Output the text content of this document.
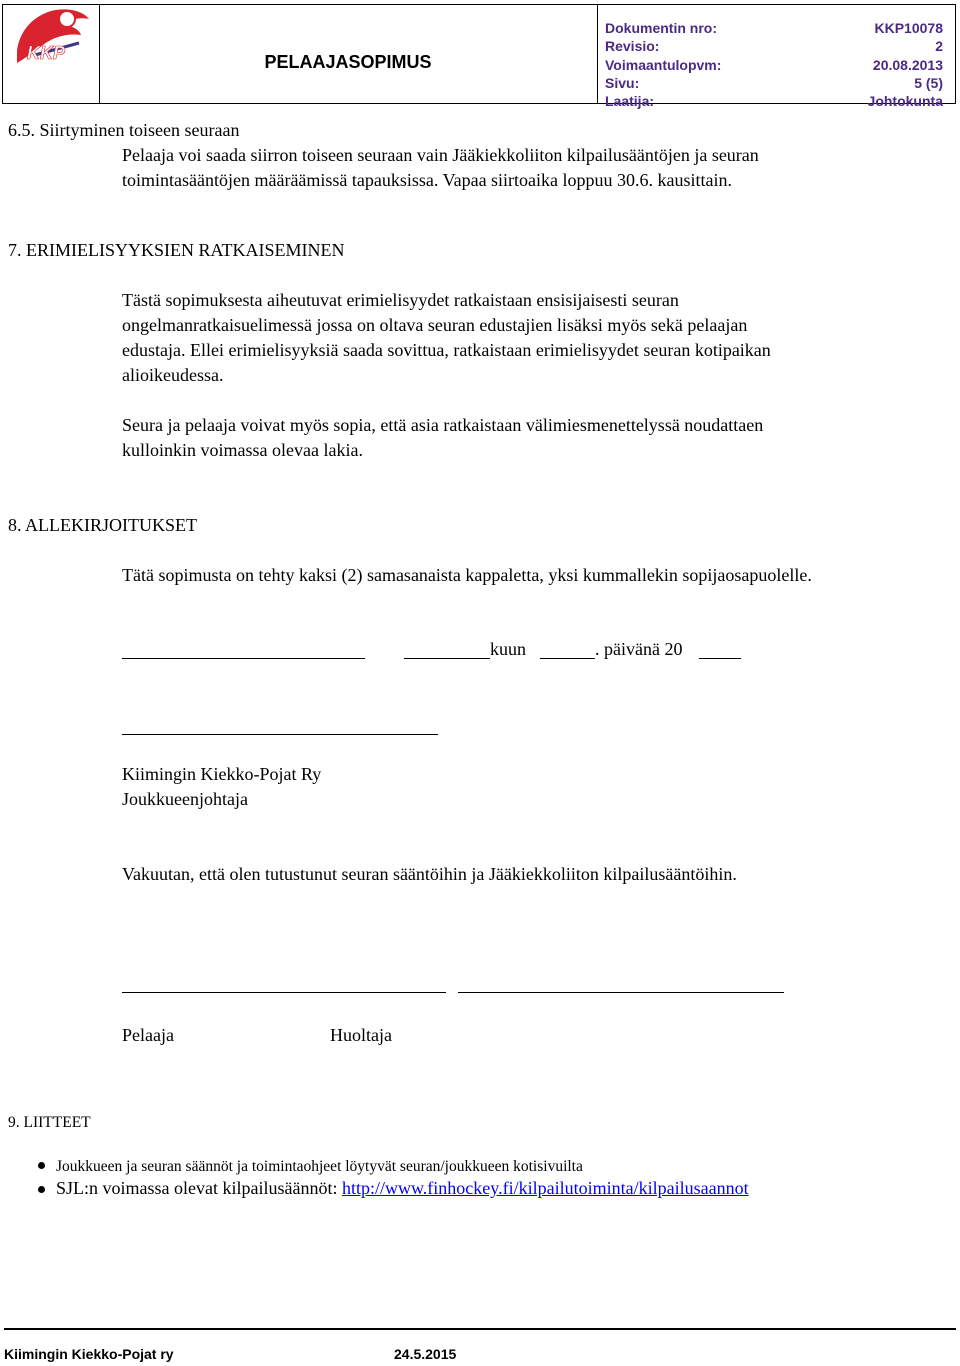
KKP	PELAAJASOPIMUS
Dokumentin nro:	KKP10078
Revisio:	2
Voimaantulopvm:	20.08.2013
Sivu:	5 (5)
Laatija:	Johtokunta
6.5. Siirtyminen toiseen seuraan
Pelaaja voi saada siirron toiseen seuraan vain Jääkiekkoliiton kilpailusääntöjen ja seuran
toimintasääntöjen määräämissä tapauksissa. Vapaa siirtoaika loppuu 30.6. kausittain.
7. ERIMIELISYYKSIEN RATKAISEMINEN
Tästä sopimuksesta aiheutuvat erimielisyydet ratkaistaan ensisijaisesti seuran
ongelmanratkaisuelimessä jossa on oltava seuran edustajien lisäksi myös sekä pelaajan
edustaja. Ellei erimielisyyksiä saada sovittua, ratkaistaan erimielisyydet seuran kotipaikan
alioikeudessa.
Seura ja pelaaja voivat myös sopia, että asia ratkaistaan välimiesmenettelyssä noudattaen
kulloinkin voimassa olevaa lakia.
8. ALLEKIRJOITUKSET
Tätä sopimusta on tehty kaksi (2) samasanaista kappaletta, yksi kummallekin sopijaosapuolelle.
kuun	. päivänä 20
Kiimingin Kiekko-Pojat Ry
Joukkueenjohtaja
Vakuutan, että olen tutustunut seuran sääntöihin ja Jääkiekkoliiton kilpailusääntöihin.
Pelaaja	Huoltaja
9. LIITTEET
Joukkueen ja seuran säännöt ja toimintaohjeet löytyvät seuran/joukkueen kotisivuilta
SJL:n voimassa olevat kilpailusäännöt: http://www.finhockey.fi/kilpailutoiminta/kilpailusaannot
Kiimingin Kiekko-Pojat ry	24.5.2015
